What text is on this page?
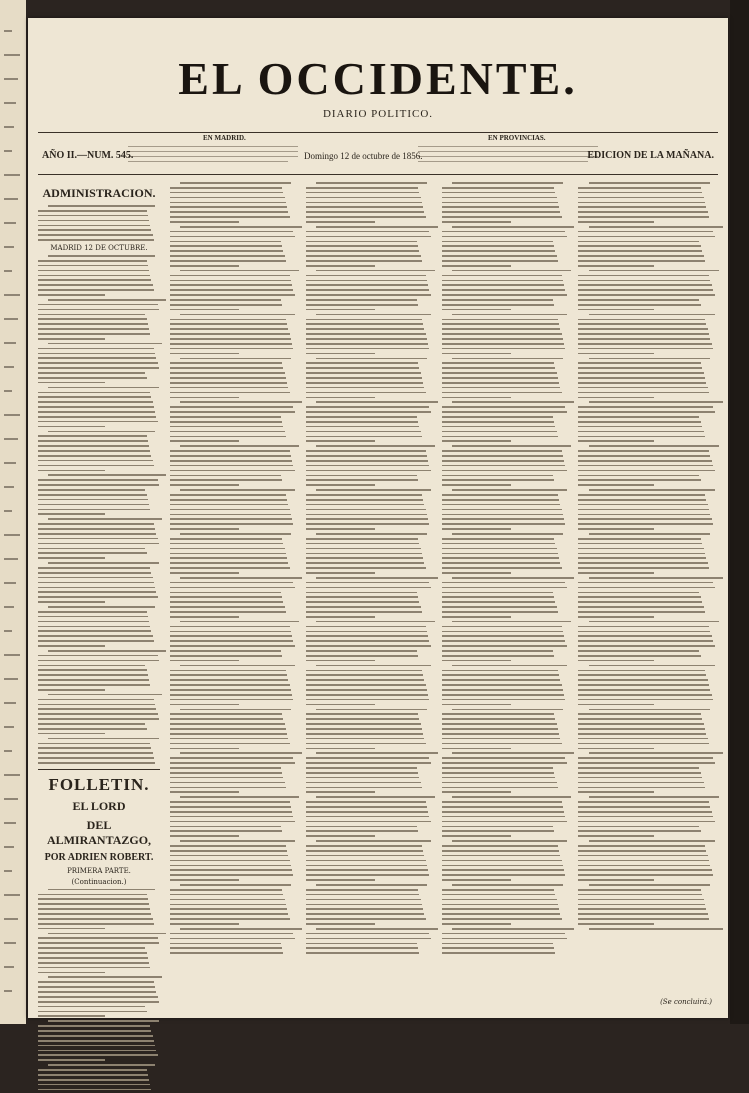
EL OCCIDENTE.
DIARIO POLITICO.
EN MADRID.	EN PROVINCIAS.
AÑO II.—NUM. 545.	Domingo 12 de octubre de 1856.	EDICION DE LA MAÑANA.
ADMINISTRACION.
MADRID 12 DE OCTUBRE.
FOLLETIN.
EL LORD
DEL ALMIRANTAZGO,
POR ADRIEN ROBERT.
PRIMERA PARTE.
(Continuacion.)
(Se concluirá.)
